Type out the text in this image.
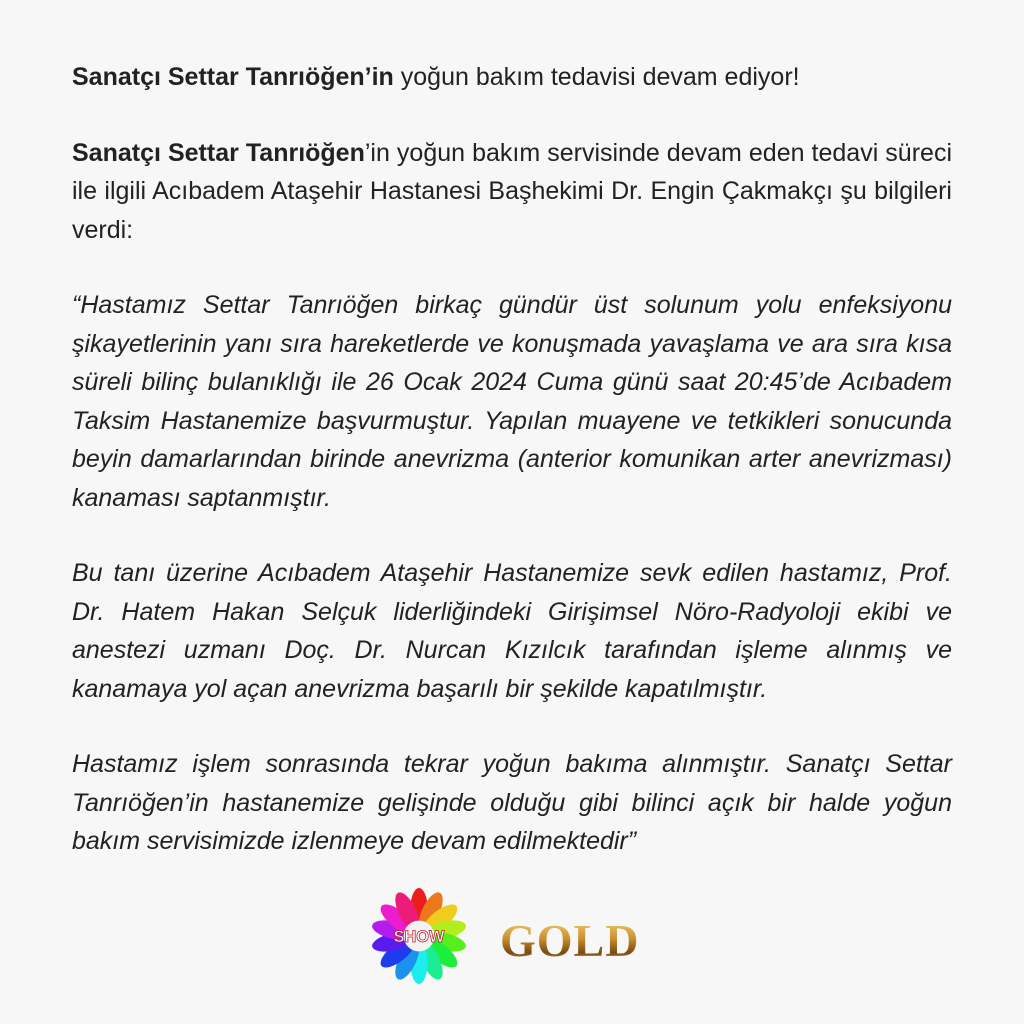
Sanatçı Settar Tanrıöğen’in yoğun bakım tedavisi devam ediyor!

Sanatçı Settar Tanrıöğen’in yoğun bakım servisinde devam eden tedavi süreci ile ilgili Acıbadem Ataşehir Hastanesi Başhekimi Dr. Engin Çakmakçı şu bilgileri verdi:

“Hastamız Settar Tanrıöğen birkaç gündür üst solunum yolu enfeksiyonu şikayetlerinin yanı sıra hareketlerde ve konuşmada yavaşlama ve ara sıra kısa süreli bilinç bulanıklığı ile 26 Ocak 2024 Cuma günü saat 20:45’de Acıbadem Taksim Hastanemize başvurmuştur. Yapılan muayene ve tetkikleri sonucunda beyin damarlarından birinde anevrizma (anterior komunikan arter anevrizması) kanaması saptanmıştır.

Bu tanı üzerine Acıbadem Ataşehir Hastanemize sevk edilen hastamız, Prof. Dr. Hatem Hakan Selçuk liderliğindeki Girişimsel Nöro-Radyoloji ekibi ve anestezi uzmanı Doç. Dr. Nurcan Kızılcık tarafından işleme alınmış ve kanamaya yol açan anevrizma başarılı bir şekilde kapatılmıştır.

Hastamız işlem sonrasında tekrar yoğun bakıma alınmıştır. Sanatçı Settar Tanrıöğen’in hastanemize gelişinde olduğu gibi bilinci açık bir halde yoğun bakım servisimizde izlenmeye devam edilmektedir”

SHOW GOLD
